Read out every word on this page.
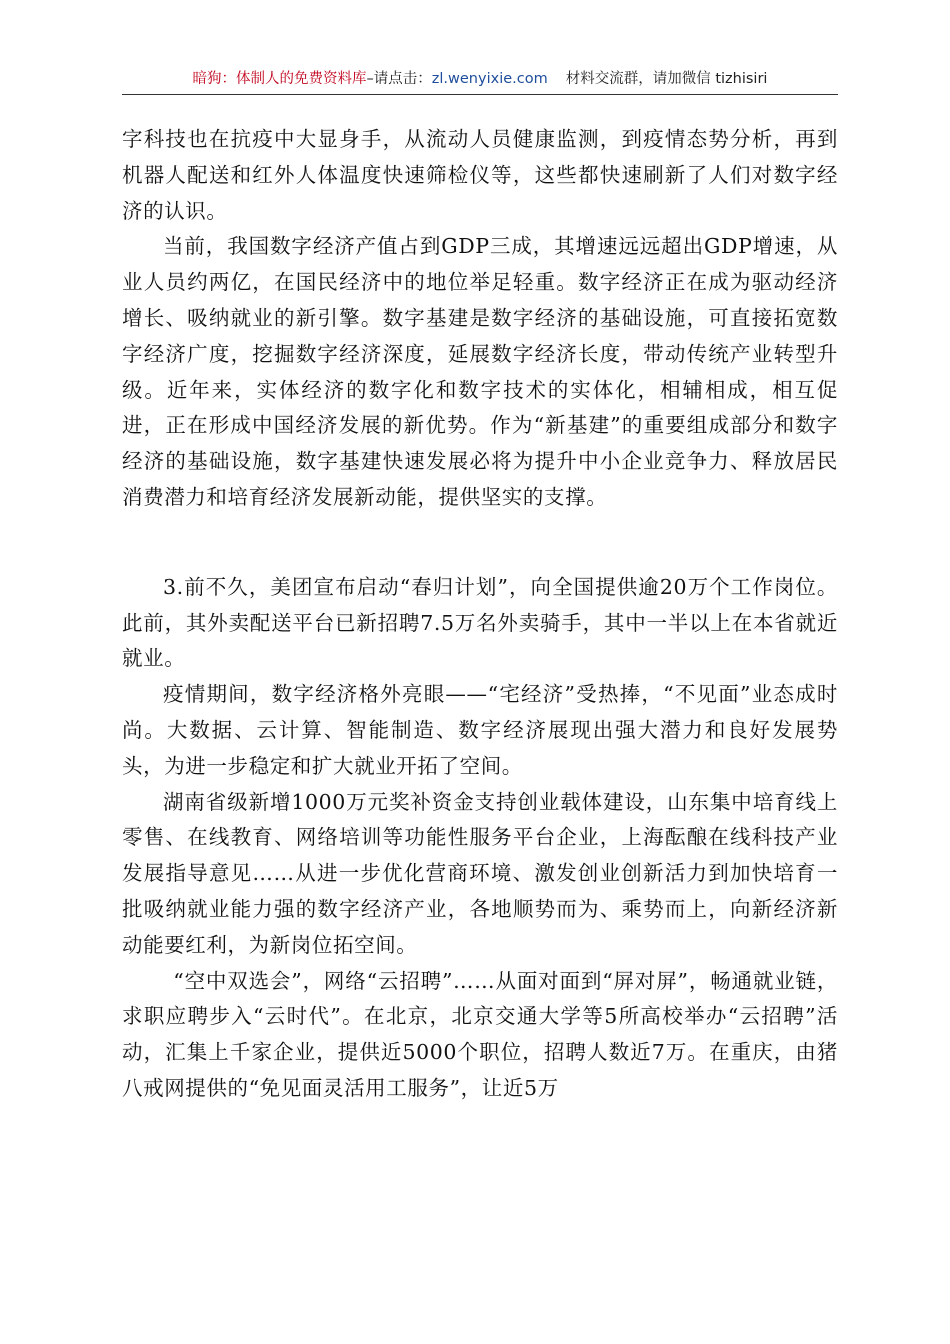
暗狗：体制人的免费资料库–请点击：zl.wenyixie.com 材料交流群，请加微信 tizhisiri

字科技也在抗疫中大显身手，从流动人员健康监测，到疫情态势分析，再到机器人配送和红外人体温度快速筛检仪等，这些都快速刷新了人们对数字经济的认识。

当前，我国数字经济产值占到GDP三成，其增速远远超出GDP增速，从业人员约两亿，在国民经济中的地位举足轻重。数字经济正在成为驱动经济增长、吸纳就业的新引擎。数字基建是数字经济的基础设施，可直接拓宽数字经济广度，挖掘数字经济深度，延展数字经济长度，带动传统产业转型升级。近年来，实体经济的数字化和数字技术的实体化，相辅相成，相互促进，正在形成中国经济发展的新优势。作为“新基建”的重要组成部分和数字经济的基础设施，数字基建快速发展必将为提升中小企业竞争力、释放居民消费潜力和培育经济发展新动能，提供坚实的支撑。

3.前不久，美团宣布启动“春归计划”，向全国提供逾20万个工作岗位。此前，其外卖配送平台已新招聘7.5万名外卖骑手，其中一半以上在本省就近就业。

疫情期间，数字经济格外亮眼——“宅经济”受热捧，“不见面”业态成时尚。大数据、云计算、智能制造、数字经济展现出强大潜力和良好发展势头，为进一步稳定和扩大就业开拓了空间。

湖南省级新增1000万元奖补资金支持创业载体建设，山东集中培育线上零售、在线教育、网络培训等功能性服务平台企业，上海酝酿在线科技产业发展指导意见……从进一步优化营商环境、激发创业创新活力到加快培育一批吸纳就业能力强的数字经济产业，各地顺势而为、乘势而上，向新经济新动能要红利，为新岗位拓空间。

“空中双选会”，网络“云招聘”……从面对面到“屏对屏”，畅通就业链，求职应聘步入“云时代”。在北京，北京交通大学等5所高校举办“云招聘”活动，汇集上千家企业，提供近5000个职位，招聘人数近7万。在重庆，由猪八戒网提供的“免见面灵活用工服务”，让近5万
